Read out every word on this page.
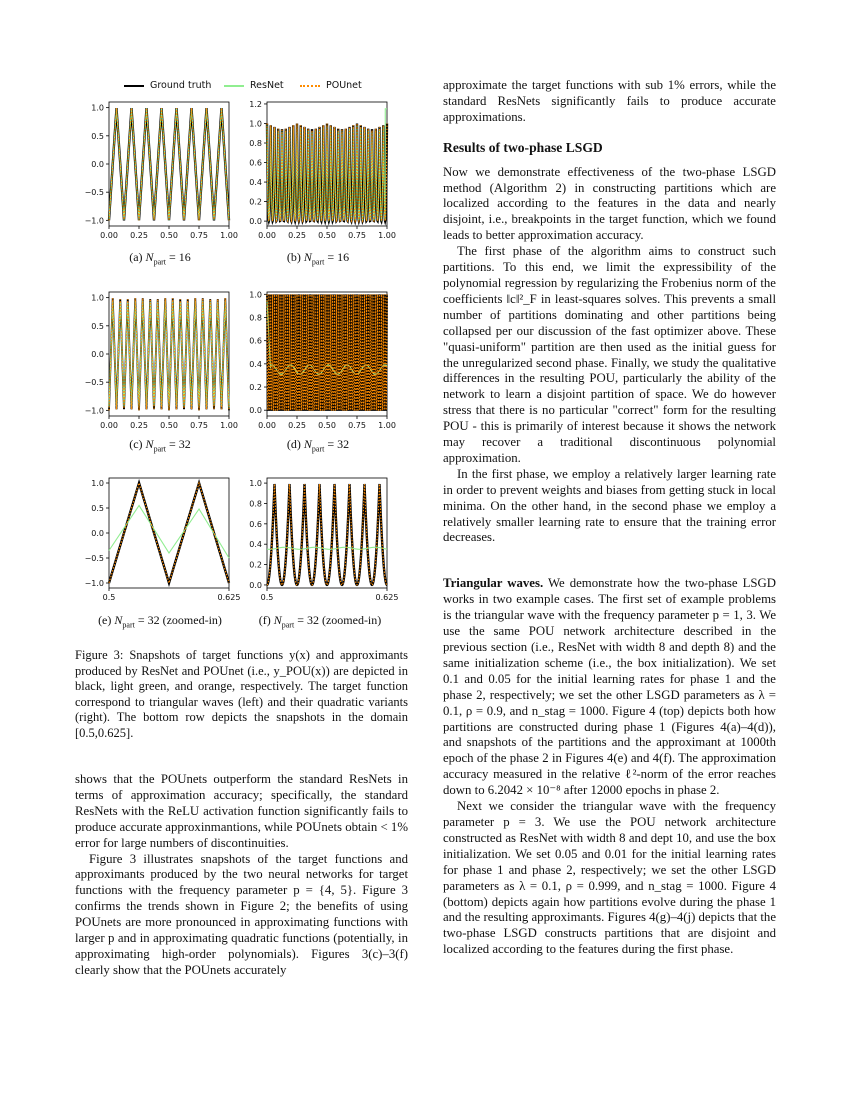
Ground truth	ResNet	POUnet
1.0
0.5
0.0
−0.5
−1.0
0.00 0.25 0.50 0.75 1.00
1.2
1.0
0.8
0.6
0.4
0.2
0.0
0.00 0.25 0.50 0.75 1.00
1.0
0.5
0.0
−0.5
−1.0
0.00 0.25 0.50 0.75 1.00
1.0
0.8
0.6
0.4
0.2
0.0
0.00 0.25 0.50 0.75 1.00
1.0
0.5
0.0
−0.5
−1.0
0.5	0.625
1.0
0.8
0.6
0.4
0.2
0.0
0.5	0.625
(a) $N_{part} = 16$	(b) $N_{part} = 16$
(c) $N_{part} = 32$	(d) $N_{part} = 32$
(e) $N_{part} = 32$ (zoomed-in)	(f) $N_{part} = 32$ (zoomed-in)
Figure 3: Snapshots of target functions y(x) and approximants produced by ResNet and POUnet (i.e., y_POU(x)) are depicted in black, light green, and orange, respectively. The target function correspond to triangular waves (left) and their quadratic variants (right). The bottom row depicts the snapshots in the domain [0.5,0.625].

shows that the POUnets outperform the standard ResNets in terms of approximation accuracy; specifically, the standard ResNets with the ReLU activation function significantly fails to produce accurate approxinmantions, while POUnets obtain < 1% error for large numbers of discontinuities.

Figure 3 illustrates snapshots of the target functions and approximants produced by the two neural networks for target functions with the frequency parameter p = {4, 5}. Figure 3 confirms the trends shown in Figure 2; the benefits of using POUnets are more pronounced in approximating functions with larger p and in approximating quadratic functions (potentially, in approximating high-order polynomials). Figures 3(c)–3(f) clearly show that the POUnets accurately

approximate the target functions with sub 1% errors, while the standard ResNets significantly fails to produce accurate approximations.

Results of two-phase LSGD

Now we demonstrate effectiveness of the two-phase LSGD method (Algorithm 2) in constructing partitions which are localized according to the features in the data and nearly disjoint, i.e., breakpoints in the target function, which we found leads to better approximation accuracy.

The first phase of the algorithm aims to construct such partitions. To this end, we limit the expressibility of the polynomial regression by regularizing the Frobenius norm of the coefficients ‖c‖²_F in least-squares solves. This prevents a small number of partitions dominating and other partitions being collapsed per our discussion of the fast optimizer above. These "quasi-uniform" partition are then used as the initial guess for the unregularized second phase. Finally, we study the qualitative differences in the resulting POU, particularly the ability of the network to learn a disjoint partition of space. We do however stress that there is no particular "correct" form for the resulting POU - this is primarily of interest because it shows the network may recover a traditional discontinuous polynomial approximation.

In the first phase, we employ a relatively larger learning rate in order to prevent weights and biases from getting stuck in local minima. On the other hand, in the second phase we employ a relatively smaller learning rate to ensure that the training error decreases.

Triangular waves. We demonstrate how the two-phase LSGD works in two example cases. The first set of example problems is the triangular wave with the frequency parameter p = 1, 3. We use the same POU network architecture described in the previous section (i.e., ResNet with width 8 and depth 8) and the same initialization scheme (i.e., the box initialization). We set 0.1 and 0.05 for the initial learning rates for phase 1 and the phase 2, respectively; we set the other LSGD parameters as λ = 0.1, ρ = 0.9, and n_stag = 1000. Figure 4 (top) depicts both how partitions are constructed during phase 1 (Figures 4(a)–4(d)), and snapshots of the partitions and the approximant at 1000th epoch of the phase 2 in Figures 4(e) and 4(f). The approximation accuracy measured in the relative ℓ²-norm of the error reaches down to 6.2042 × 10⁻⁸ after 12000 epochs in phase 2.

Next we consider the triangular wave with the frequency parameter p = 3. We use the POU network architecture constructed as ResNet with width 8 and dept 10, and use the box initialization. We set 0.05 and 0.01 for the initial learning rates for phase 1 and phase 2, respectively; we set the other LSGD parameters as λ = 0.1, ρ = 0.999, and n_stag = 1000. Figure 4 (bottom) depicts again how partitions evolve during the phase 1 and the resulting approximants. Figures 4(g)–4(j) depicts that the two-phase LSGD constructs partitions that are disjoint and localized according to the features during the first phase.
